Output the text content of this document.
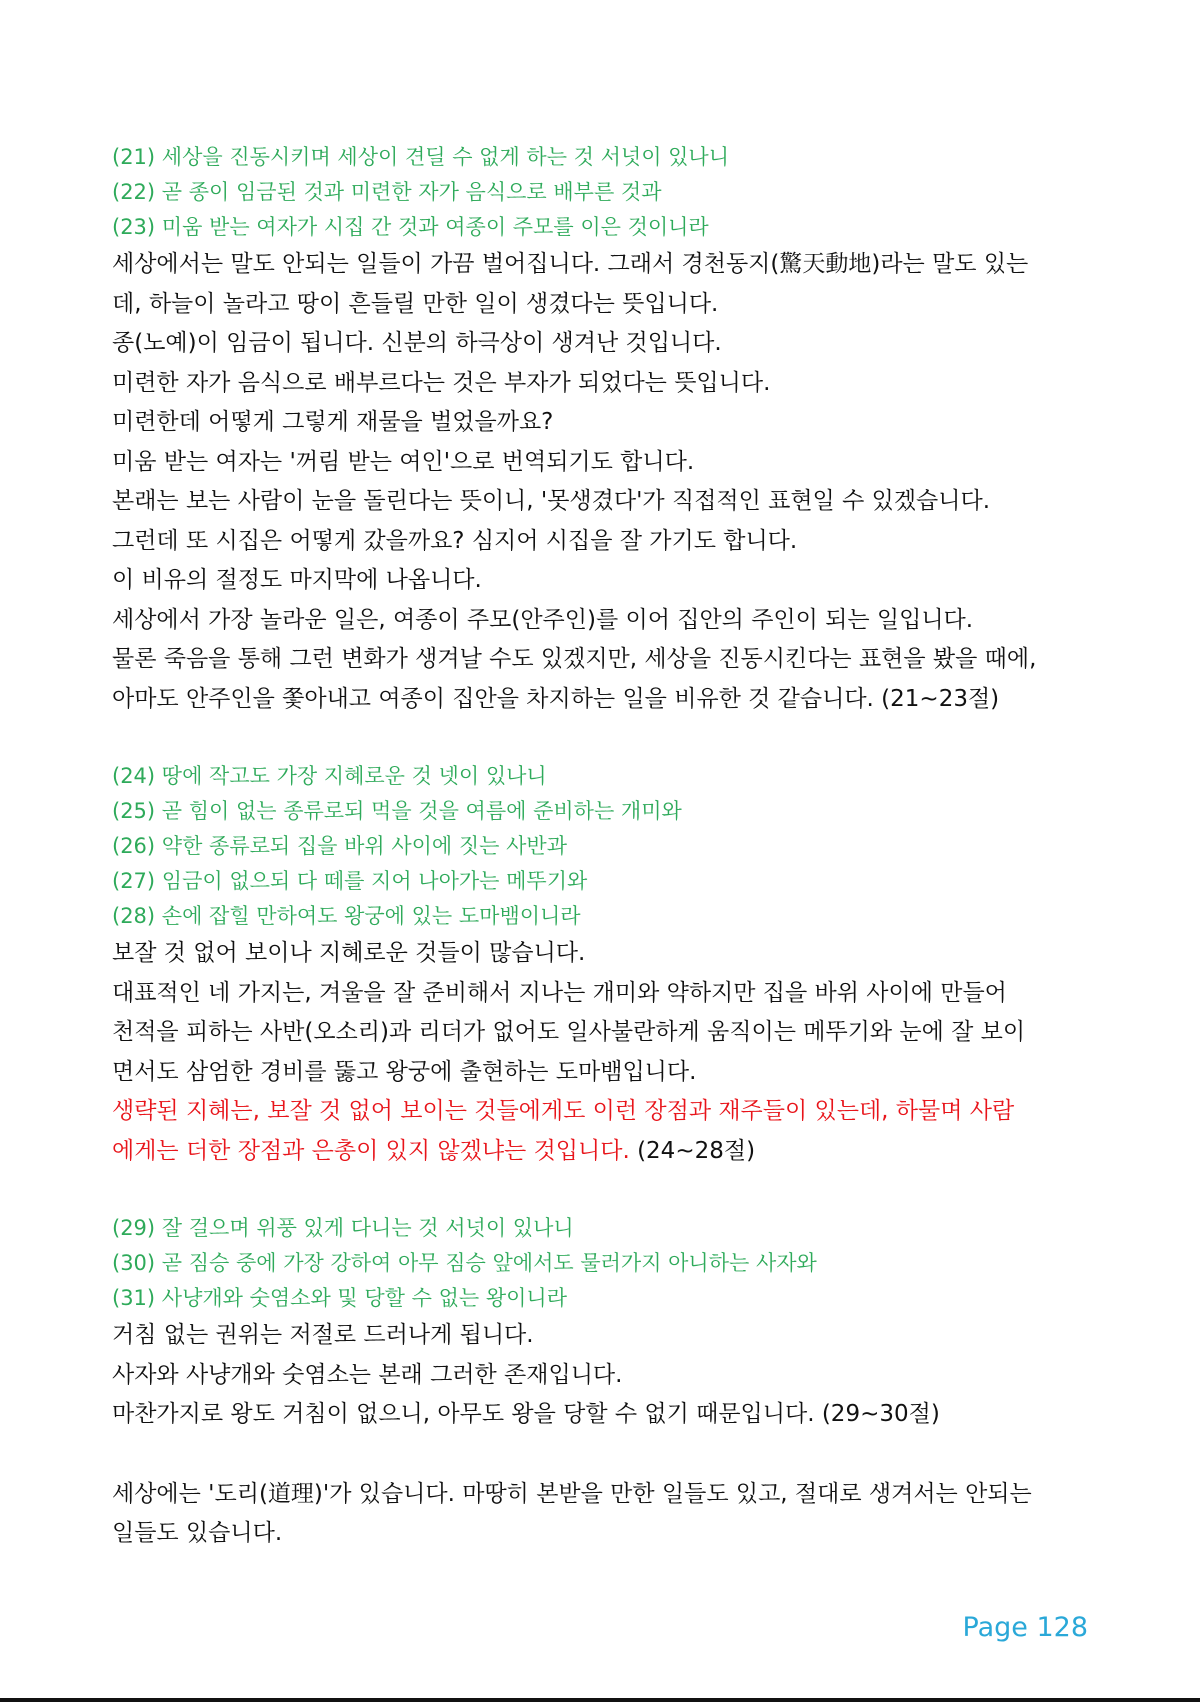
(21) 세상을 진동시키며 세상이 견딜 수 없게 하는 것 서넛이 있나니
(22) 곧 종이 임금된 것과 미련한 자가 음식으로 배부른 것과
(23) 미움 받는 여자가 시집 간 것과 여종이 주모를 이은 것이니라
세상에서는 말도 안되는 일들이 가끔 벌어집니다. 그래서 경천동지(驚天動地)라는 말도 있는
데, 하늘이 놀라고 땅이 흔들릴 만한 일이 생겼다는 뜻입니다.
종(노예)이 임금이 됩니다. 신분의 하극상이 생겨난 것입니다.
미련한 자가 음식으로 배부르다는 것은 부자가 되었다는 뜻입니다.
미련한데 어떻게 그렇게 재물을 벌었을까요?
미움 받는 여자는 '꺼림 받는 여인'으로 번역되기도 합니다.
본래는 보는 사람이 눈을 돌린다는 뜻이니, '못생겼다'가 직접적인 표현일 수 있겠습니다.
그런데 또 시집은 어떻게 갔을까요? 심지어 시집을 잘 가기도 합니다.
이 비유의 절정도 마지막에 나옵니다.
세상에서 가장 놀라운 일은, 여종이 주모(안주인)를 이어 집안의 주인이 되는 일입니다.
물론 죽음을 통해 그런 변화가 생겨날 수도 있겠지만, 세상을 진동시킨다는 표현을 봤을 때에,
아마도 안주인을 쫓아내고 여종이 집안을 차지하는 일을 비유한 것 같습니다. (21~23절)
(24) 땅에 작고도 가장 지혜로운 것 넷이 있나니
(25) 곧 힘이 없는 종류로되 먹을 것을 여름에 준비하는 개미와
(26) 약한 종류로되 집을 바위 사이에 짓는 사반과
(27) 임금이 없으되 다 떼를 지어 나아가는 메뚜기와
(28) 손에 잡힐 만하여도 왕궁에 있는 도마뱀이니라
보잘 것 없어 보이나 지혜로운 것들이 많습니다.
대표적인 네 가지는, 겨울을 잘 준비해서 지나는 개미와 약하지만 집을 바위 사이에 만들어
천적을 피하는 사반(오소리)과 리더가 없어도 일사불란하게 움직이는 메뚜기와 눈에 잘 보이
면서도 삼엄한 경비를 뚫고 왕궁에 출현하는 도마뱀입니다.
생략된 지혜는, 보잘 것 없어 보이는 것들에게도 이런 장점과 재주들이 있는데, 하물며 사람
에게는 더한 장점과 은총이 있지 않겠냐는 것입니다. (24~28절)
(29) 잘 걸으며 위풍 있게 다니는 것 서넛이 있나니
(30) 곧 짐승 중에 가장 강하여 아무 짐승 앞에서도 물러가지 아니하는 사자와
(31) 사냥개와 숫염소와 및 당할 수 없는 왕이니라
거침 없는 권위는 저절로 드러나게 됩니다.
사자와 사냥개와 숫염소는 본래 그러한 존재입니다.
마찬가지로 왕도 거침이 없으니, 아무도 왕을 당할 수 없기 때문입니다. (29~30절)
세상에는 '도리(道理)'가 있습니다. 마땅히 본받을 만한 일들도 있고, 절대로 생겨서는 안되는
일들도 있습니다.
Page 128
